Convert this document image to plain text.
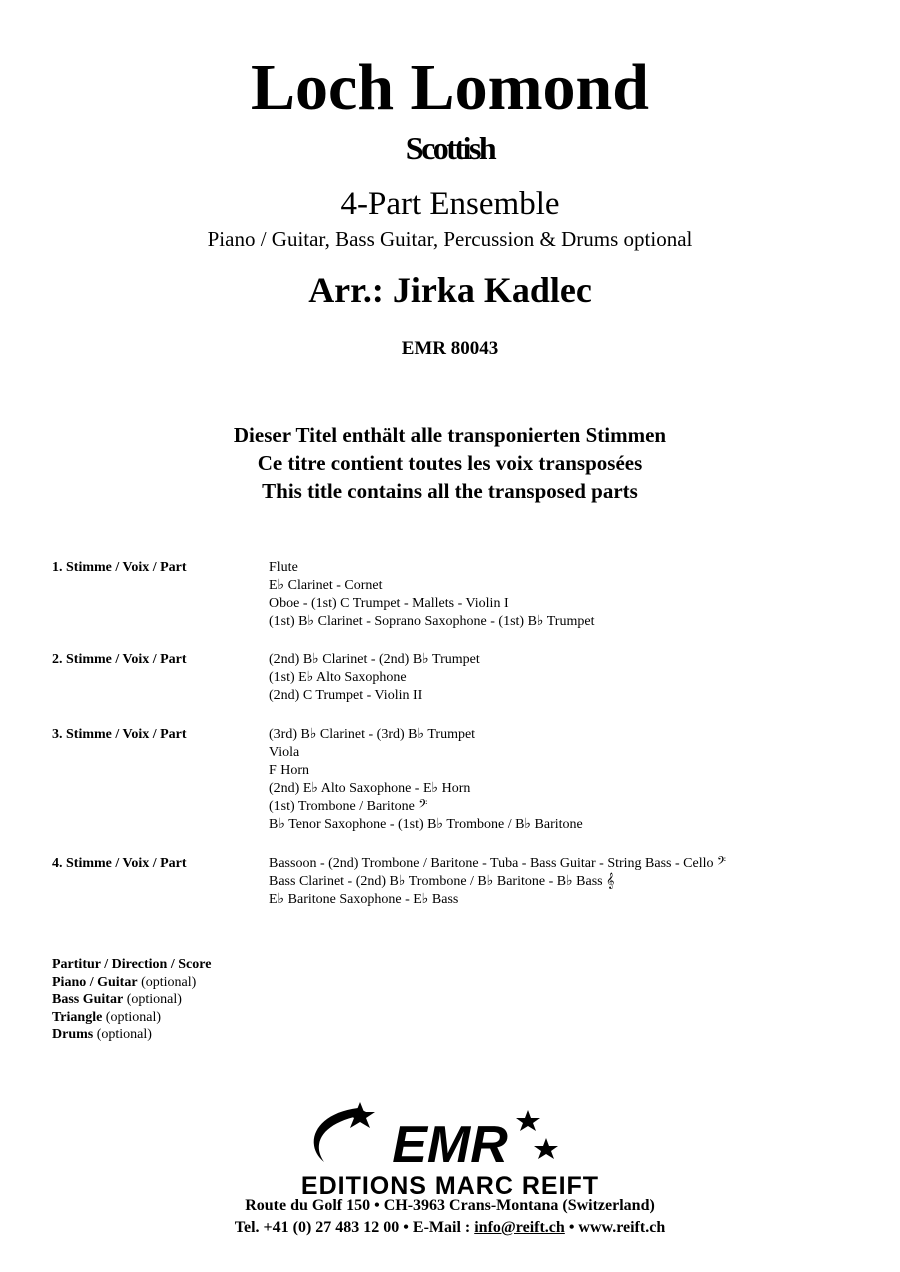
Loch Lomond
Scottish
4-Part Ensemble
Piano / Guitar, Bass Guitar, Percussion & Drums optional
Arr.: Jirka Kadlec
EMR 80043
Dieser Titel enthält alle transponierten Stimmen
Ce titre contient toutes les voix transposées
This title contains all the transposed parts
1. Stimme / Voix / Part	Flute
E♭ Clarinet - Cornet
Oboe - (1st) C Trumpet - Mallets - Violin I
(1st) B♭ Clarinet - Soprano Saxophone - (1st) B♭ Trumpet
2. Stimme / Voix / Part	(2nd) B♭ Clarinet - (2nd) B♭ Trumpet
(1st) E♭ Alto Saxophone
(2nd) C Trumpet - Violin II
3. Stimme / Voix / Part	(3rd) B♭ Clarinet - (3rd) B♭ Trumpet
Viola
F Horn
(2nd) E♭ Alto Saxophone - E♭ Horn
(1st) Trombone / Baritone 𝄢
B♭ Tenor Saxophone - (1st) B♭ Trombone / B♭ Baritone
4. Stimme / Voix / Part	Bassoon - (2nd) Trombone / Baritone - Tuba - Bass Guitar - String Bass - Cello 𝄢
Bass Clarinet - (2nd) B♭ Trombone / B♭ Baritone - B♭ Bass 𝄞
E♭ Baritone Saxophone - E♭ Bass
Partitur / Direction / Score
Piano / Guitar (optional)
Bass Guitar (optional)
Triangle (optional)
Drums (optional)
EMR
EDITIONS MARC REIFT
Route du Golf 150 • CH-3963 Crans-Montana (Switzerland)
Tel. +41 (0) 27 483 12 00 • E-Mail : info@reift.ch • www.reift.ch
